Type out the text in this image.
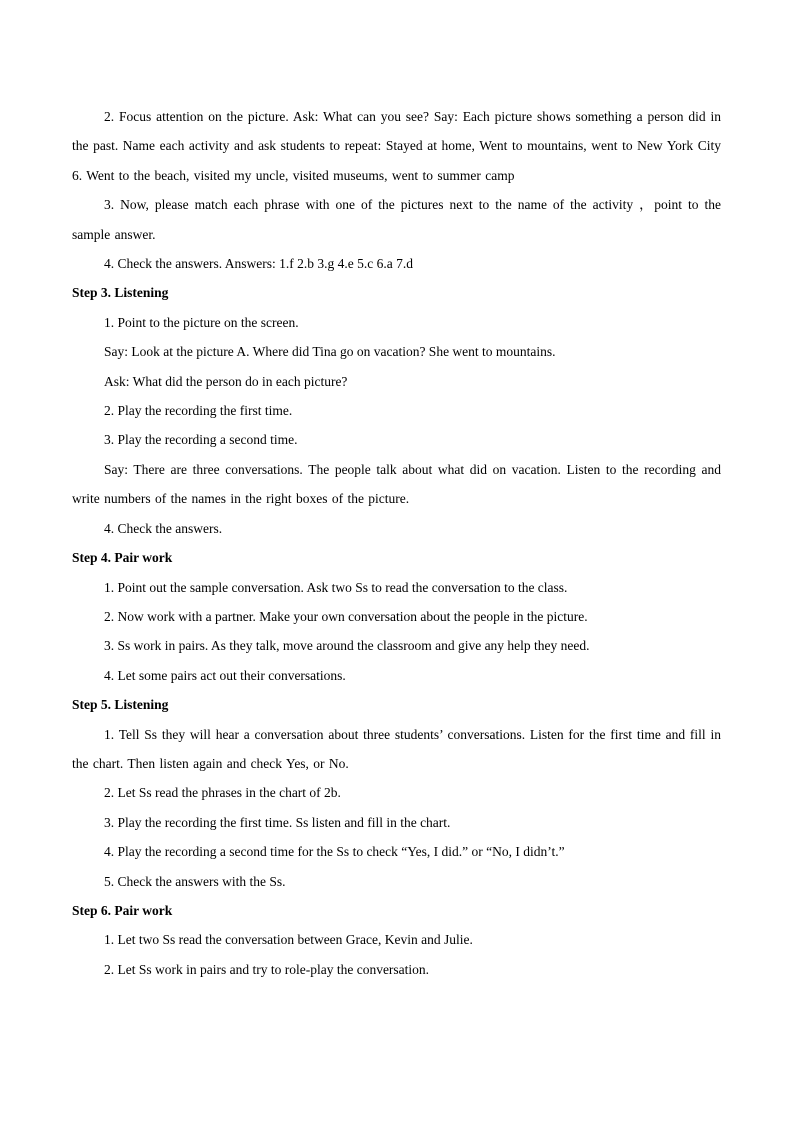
2. Focus attention on the picture. Ask: What can you see? Say: Each picture shows something a person did in the past. Name each activity and ask students to repeat: Stayed at home, Went to mountains, went to New York City 6. Went to the beach, visited my uncle, visited museums, went to summer camp

3. Now, please match each phrase with one of the pictures next to the name of the activity ，point to the sample answer.

4. Check the answers. Answers: 1.f 2.b 3.g 4.e 5.c 6.a 7.d

Step 3. Listening

1. Point to the picture on the screen.

Say: Look at the picture A. Where did Tina go on vacation? She went to mountains.

Ask: What did the person do in each picture?

2. Play the recording the first time.

3. Play the recording a second time.

Say: There are three conversations. The people talk about what did on vacation. Listen to the recording and write numbers of the names in the right boxes of the picture.

4. Check the answers.

Step 4. Pair work

1. Point out the sample conversation. Ask two Ss to read the conversation to the class.

2. Now work with a partner. Make your own conversation about the people in the picture.

3. Ss work in pairs. As they talk, move around the classroom and give any help they need.

4. Let some pairs act out their conversations.

Step 5. Listening

1. Tell Ss they will hear a conversation about three students’ conversations. Listen for the first time and fill in the chart. Then listen again and check Yes, or No.

2. Let Ss read the phrases in the chart of 2b.

3. Play the recording the first time. Ss listen and fill in the chart.

4. Play the recording a second time for the Ss to check “Yes, I did.” or “No, I didn’t.”

5. Check the answers with the Ss.

Step 6. Pair work

1. Let two Ss read the conversation between Grace, Kevin and Julie.

2. Let Ss work in pairs and try to role-play the conversation.
